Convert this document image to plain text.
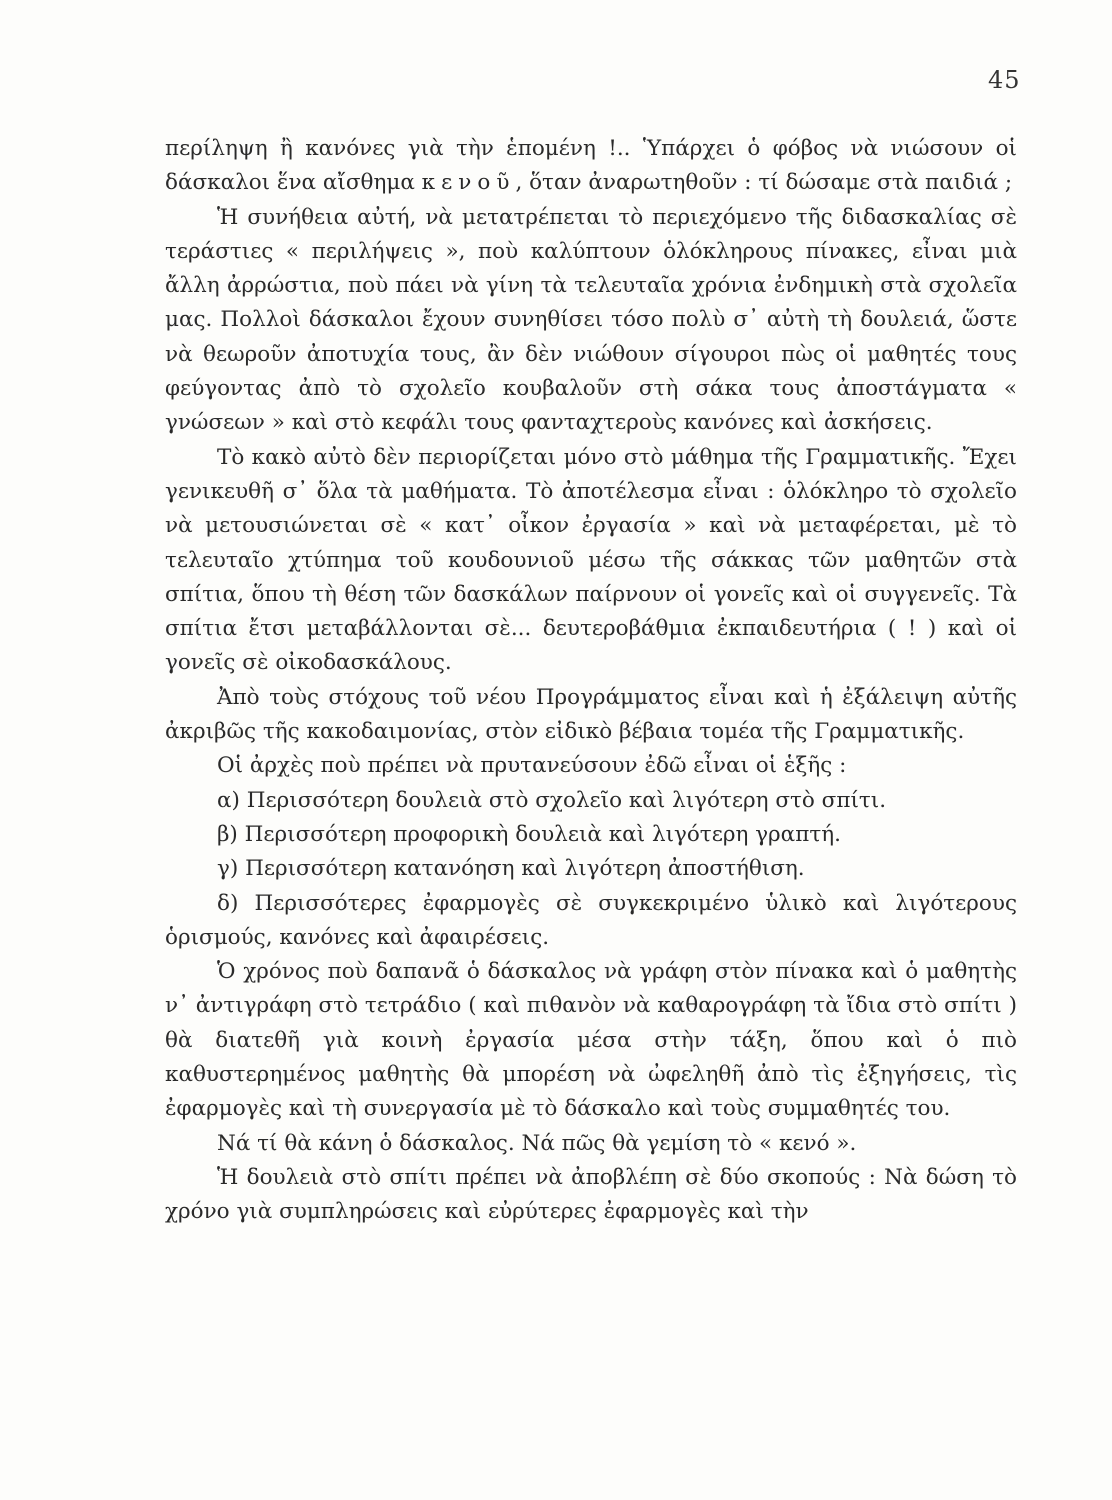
45

περίληψη ἢ κανόνες γιὰ τὴν ἑπομένη !.. Ὑπάρχει ὁ φόβος νὰ νιώσουν οἱ δάσκαλοι ἕνα αἴσθημα κενοῦ, ὅταν ἀναρωτηθοῦν : τί δώσαμε στὰ παιδιά ;

Ἡ συνήθεια αὐτή, νὰ μετατρέπεται τὸ περιεχόμενο τῆς διδασκαλίας σὲ τεράστιες « περιλήψεις », ποὺ καλύπτουν ὁλόκληρους πίνακες, εἶναι μιὰ ἄλλη ἀρρώστια, ποὺ πάει νὰ γίνη τὰ τελευταῖα χρόνια ἐνδημικὴ στὰ σχολεῖα μας. Πολλοὶ δάσκαλοι ἔχουν συνηθίσει τόσο πολὺ σ᾽ αὐτὴ τὴ δουλειά, ὥστε νὰ θεωροῦν ἀποτυχία τους, ἂν δὲν νιώθουν σίγουροι πὼς οἱ μαθητές τους φεύγοντας ἀπὸ τὸ σχολεῖο κουβαλοῦν στὴ σάκα τους ἀποστάγματα « γνώσεων » καὶ στὸ κεφάλι τους φανταχτεροὺς κανόνες καὶ ἀσκήσεις.

Τὸ κακὸ αὐτὸ δὲν περιορίζεται μόνο στὸ μάθημα τῆς Γραμματικῆς. Ἔχει γενικευθῆ σ᾽ ὅλα τὰ μαθήματα. Τὸ ἀποτέλεσμα εἶναι : ὁλόκληρο τὸ σχολεῖο νὰ μετουσιώνεται σὲ « κατ᾽ οἶκον ἐργασία » καὶ νὰ μεταφέρεται, μὲ τὸ τελευταῖο χτύπημα τοῦ κουδουνιοῦ μέσω τῆς σάκκας τῶν μαθητῶν στὰ σπίτια, ὅπου τὴ θέση τῶν δασκάλων παίρνουν οἱ γονεῖς καὶ οἱ συγγενεῖς. Τὰ σπίτια ἔτσι μεταβάλλονται σὲ... δευτεροβάθμια ἐκπαιδευτήρια ( ! ) καὶ οἱ γονεῖς σὲ οἰκοδασκάλους.

Ἀπὸ τοὺς στόχους τοῦ νέου Προγράμματος εἶναι καὶ ἡ ἐξάλειψη αὐτῆς ἀκριβῶς τῆς κακοδαιμονίας, στὸν εἰδικὸ βέβαια τομέα τῆς Γραμματικῆς.

Οἱ ἀρχὲς ποὺ πρέπει νὰ πρυτανεύσουν ἐδῶ εἶναι οἱ ἑξῆς :

α) Περισσότερη δουλειὰ στὸ σχολεῖο καὶ λιγότερη στὸ σπίτι.

β) Περισσότερη προφορικὴ δουλειὰ καὶ λιγότερη γραπτή.

γ) Περισσότερη κατανόηση καὶ λιγότερη ἀποστήθιση.

δ) Περισσότερες ἐφαρμογὲς σὲ συγκεκριμένο ὑλικὸ καὶ λιγότερους ὁρισμούς, κανόνες καὶ ἀφαιρέσεις.

Ὁ χρόνος ποὺ δαπανᾶ ὁ δάσκαλος νὰ γράφη στὸν πίνακα καὶ ὁ μαθητὴς ν᾽ ἀντιγράφη στὸ τετράδιο ( καὶ πιθανὸν νὰ καθαρογράφη τὰ ἴδια στὸ σπίτι ) θὰ διατεθῆ γιὰ κοινὴ ἐργασία μέσα στὴν τάξη, ὅπου καὶ ὁ πιὸ καθυστερημένος μαθητὴς θὰ μπορέση νὰ ὠφεληθῆ ἀπὸ τὶς ἐξηγήσεις, τὶς ἐφαρμογὲς καὶ τὴ συνεργασία μὲ τὸ δάσκαλο καὶ τοὺς συμμαθητές του.

Νά τί θὰ κάνη ὁ δάσκαλος. Νά πῶς θὰ γεμίση τὸ « κενό ».

Ἡ δουλειὰ στὸ σπίτι πρέπει νὰ ἀποβλέπη σὲ δύο σκοπούς : Νὰ δώση τὸ χρόνο γιὰ συμπληρώσεις καὶ εὐρύτερες ἐφαρμογὲς καὶ τὴν
